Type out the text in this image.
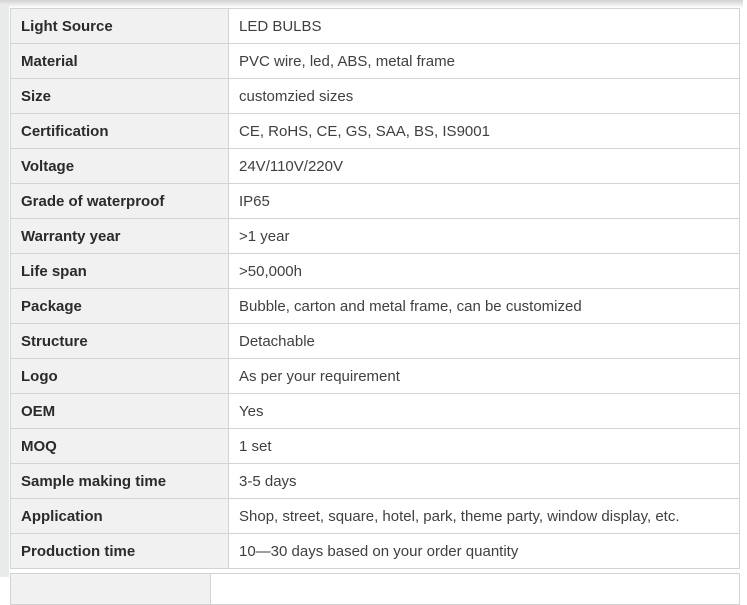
Light Source	LED BULBS
Material	PVC wire, led, ABS, metal frame
Size	customzied sizes
Certification	CE, RoHS, CE, GS, SAA, BS, IS9001
Voltage	24V/110V/220V
Grade of waterproof	IP65
Warranty year	>1 year
Life span	>50,000h
Package	Bubble, carton and metal frame, can be customized
Structure	Detachable
Logo	As per your requirement
OEM	Yes
MOQ	1 set
Sample making time	3-5 days
Application	Shop, street, square, hotel, park, theme party, window display, etc.
Production time	10—30 days based on your order quantity
